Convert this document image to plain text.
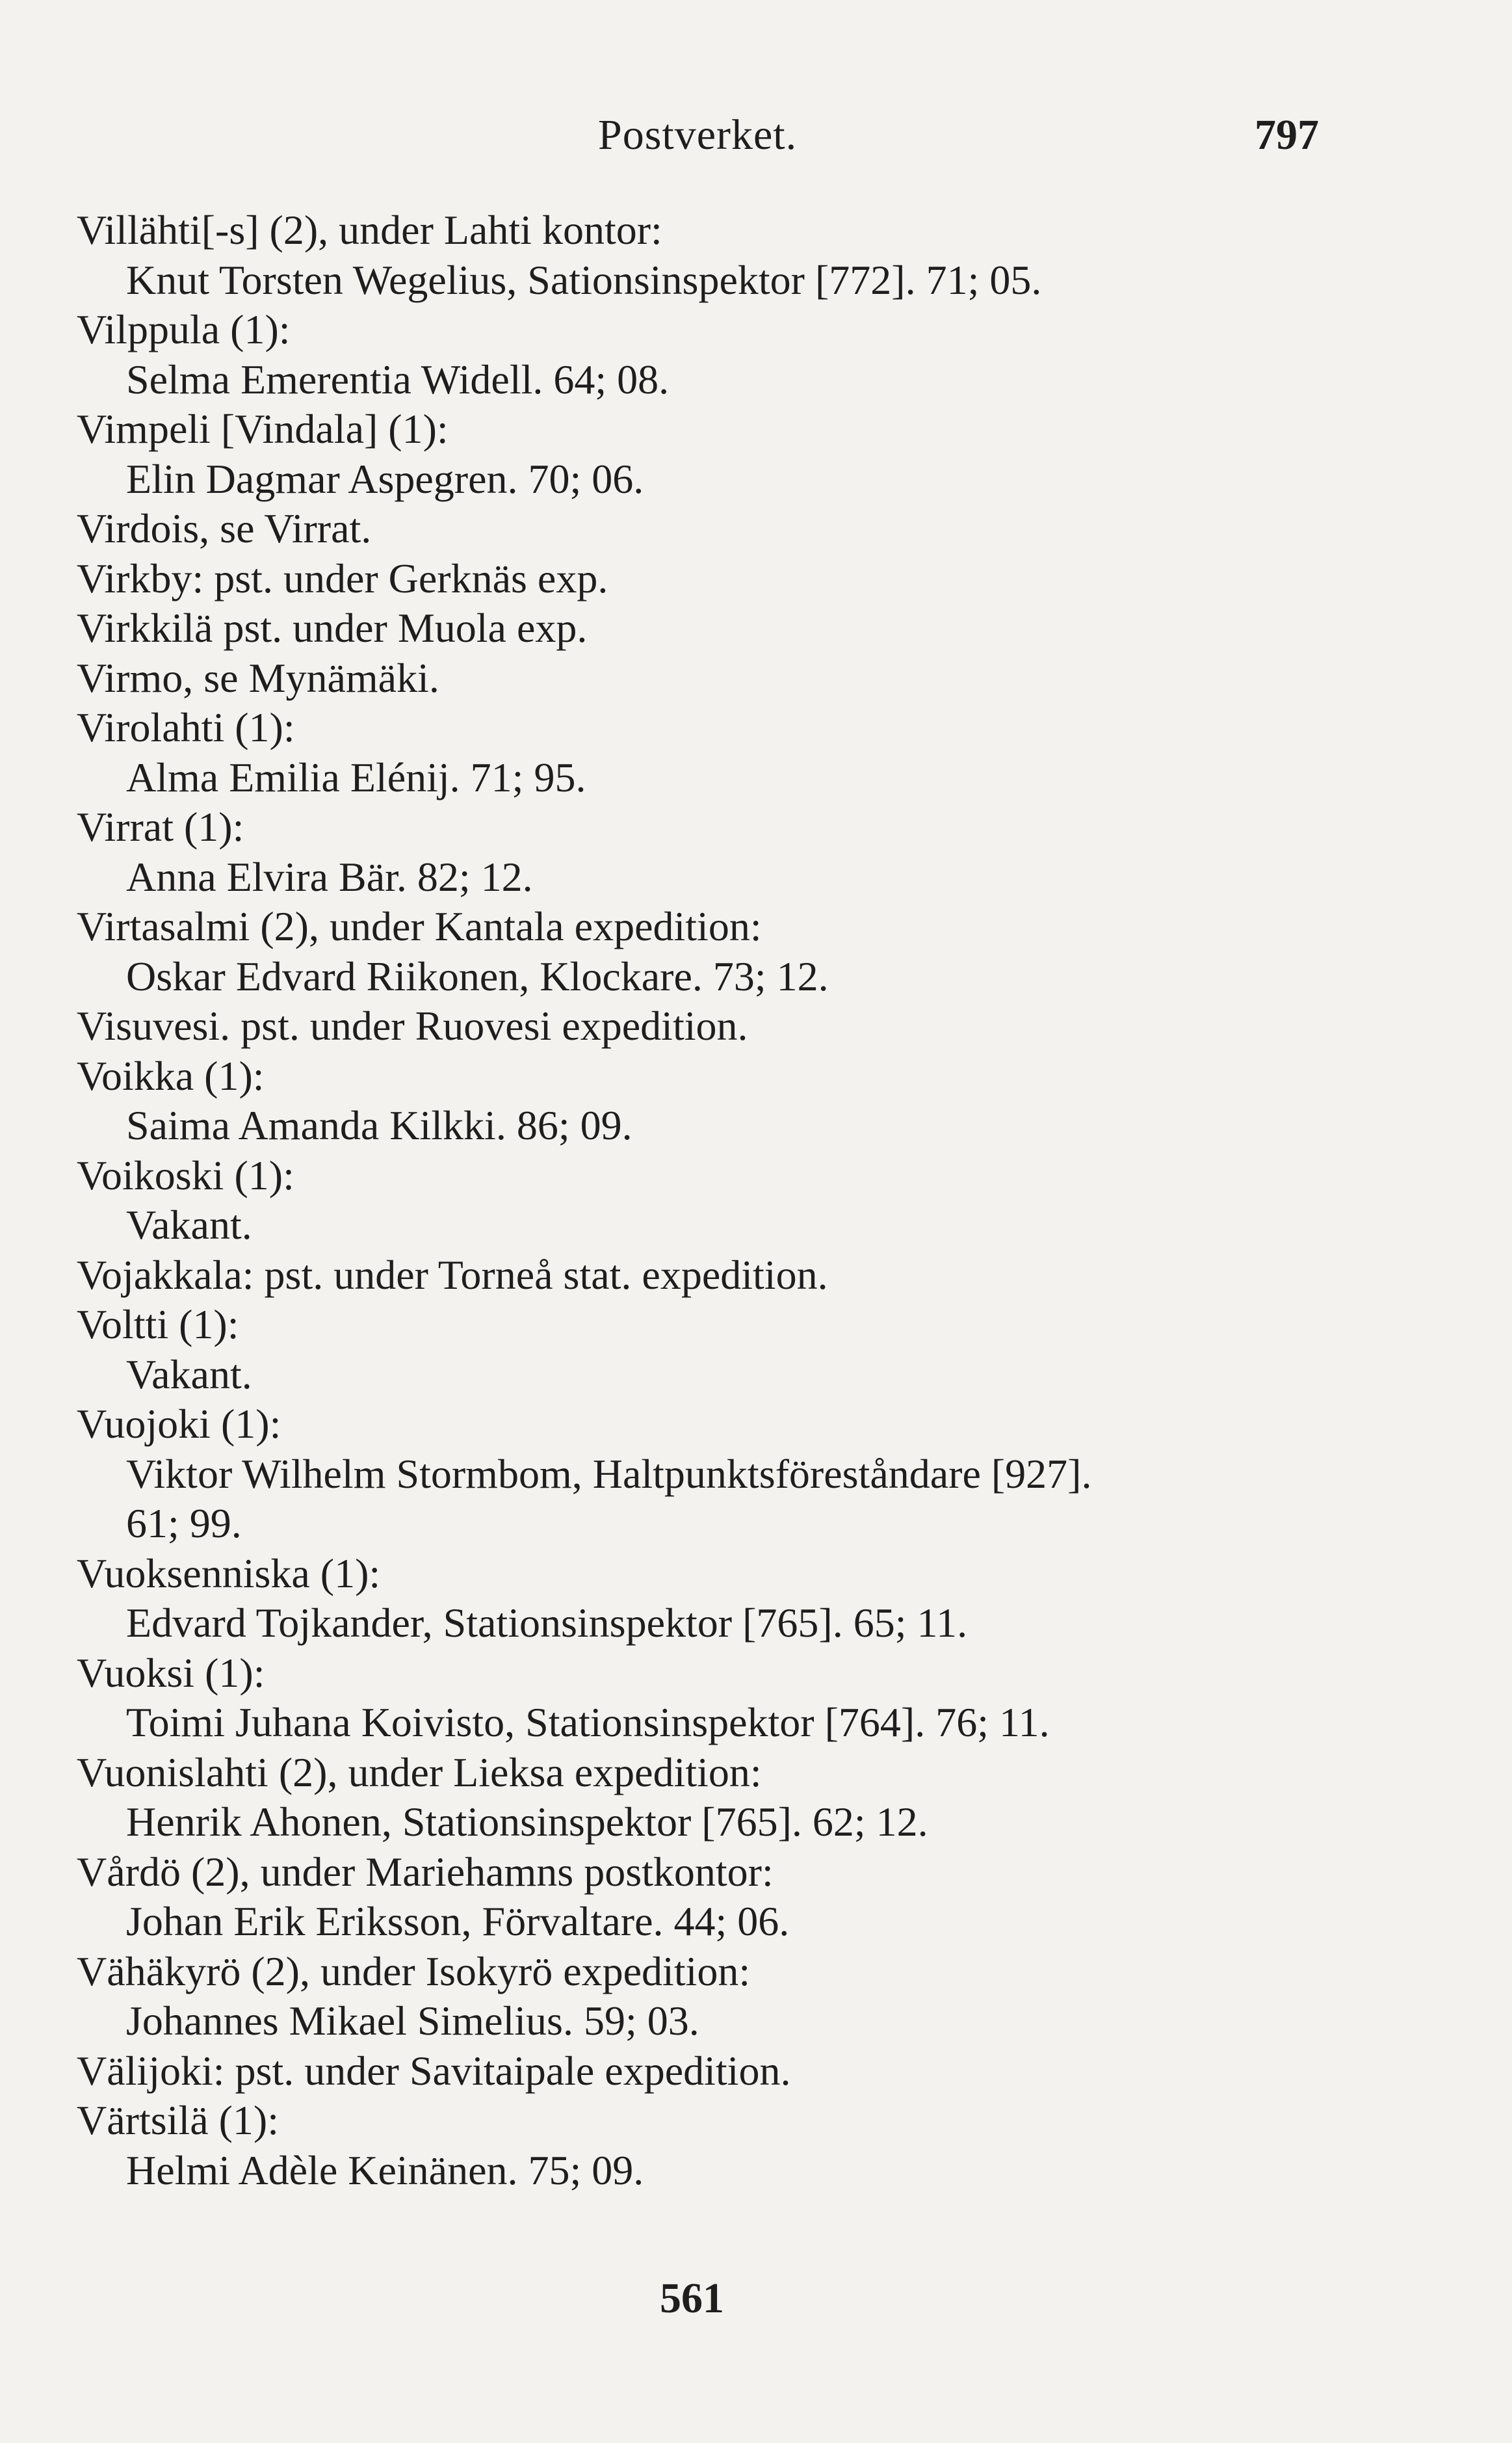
Postverket.	797
Villähti[-s] (2), under Lahti kontor:
Knut Torsten Wegelius, Sationsinspektor [772]. 71; 05.
Vilppula (1):
Selma Emerentia Widell. 64; 08.
Vimpeli [Vindala] (1):
Elin Dagmar Aspegren. 70; 06.
Virdois, se Virrat.
Virkby: pst. under Gerknäs exp.
Virkkilä pst. under Muola exp.
Virmo, se Mynämäki.
Virolahti (1):
Alma Emilia Elénij. 71; 95.
Virrat (1):
Anna Elvira Bär. 82; 12.
Virtasalmi (2), under Kantala expedition:
Oskar Edvard Riikonen, Klockare. 73; 12.
Visuvesi. pst. under Ruovesi expedition.
Voikka (1):
Saima Amanda Kilkki. 86; 09.
Voikoski (1):
Vakant.
Vojakkala: pst. under Torneå stat. expedition.
Voltti (1):
Vakant.
Vuojoki (1):
Viktor Wilhelm Stormbom, Haltpunktsföreståndare [927].
61; 99.
Vuoksenniska (1):
Edvard Tojkander, Stationsinspektor [765]. 65; 11.
Vuoksi (1):
Toimi Juhana Koivisto, Stationsinspektor [764]. 76; 11.
Vuonislahti (2), under Lieksa expedition:
Henrik Ahonen, Stationsinspektor [765]. 62; 12.
Vårdö (2), under Mariehamns postkontor:
Johan Erik Eriksson, Förvaltare. 44; 06.
Vähäkyrö (2), under Isokyrö expedition:
Johannes Mikael Simelius. 59; 03.
Välijoki: pst. under Savitaipale expedition.
Värtsilä (1):
Helmi Adèle Keinänen. 75; 09.
561
